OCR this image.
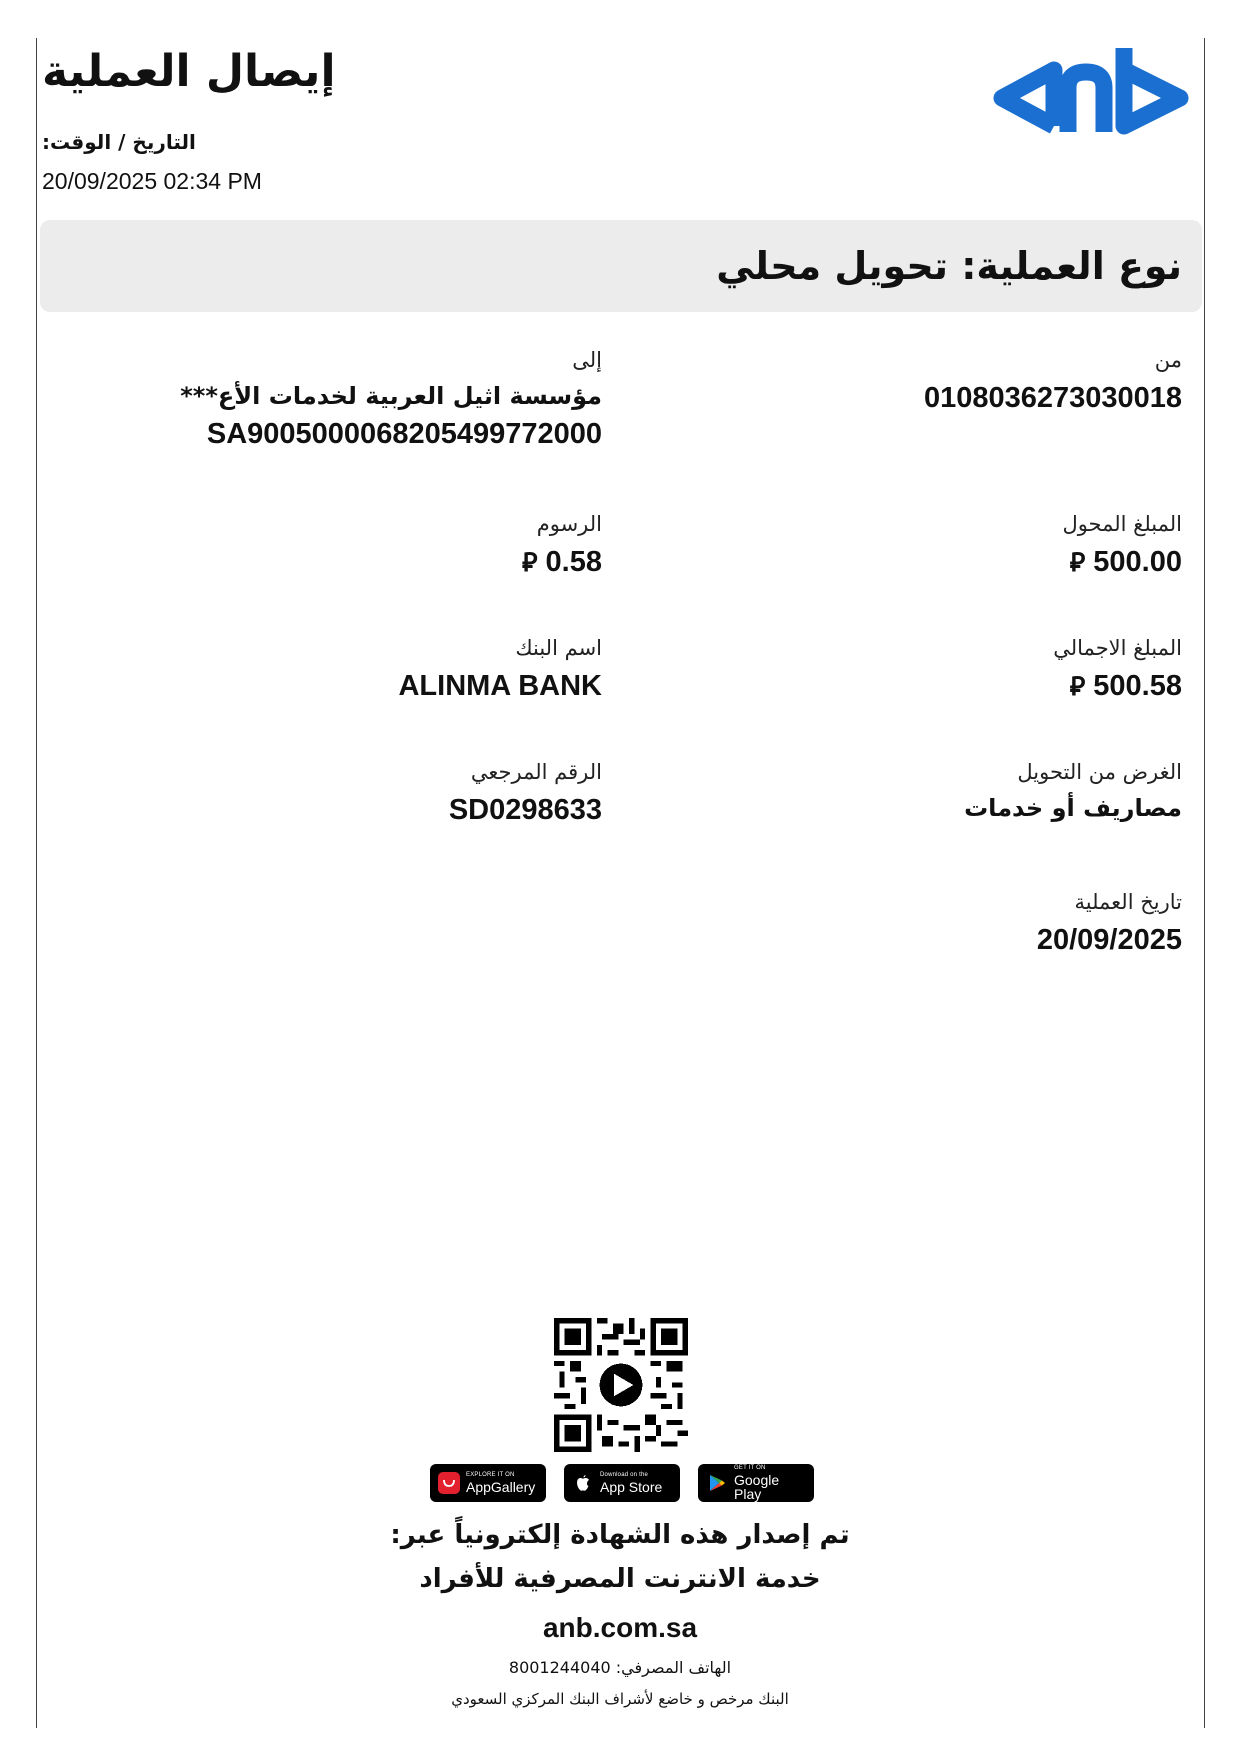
إيصال العملية
التاريخ / الوقت:
20/09/2025 02:34 PM
نوع العملية: تحويل محلي
من
0108036273030018
المبلغ المحول
⃁ 500.00
المبلغ الاجمالي
⃁ 500.58
الغرض من التحويل
مصاريف أو خدمات
تاريخ العملية
20/09/2025
إلى
مؤسسة اثيل العربية لخدمات الأع***
SA9005000068205499772000
الرسوم
⃁ 0.58
اسم البنك
ALINMA BANK
الرقم المرجعي
SD0298633
EXPLORE IT ON
AppGallery
Download on the
App Store
GET IT ON
Google Play
تم إصدار هذه الشهادة إلكترونياً عبر:
خدمة الانترنت المصرفية للأفراد
anb.com.sa
الهاتف المصرفي: 8001244040
البنك مرخص و خاضع لأشراف البنك المركزي السعودي
